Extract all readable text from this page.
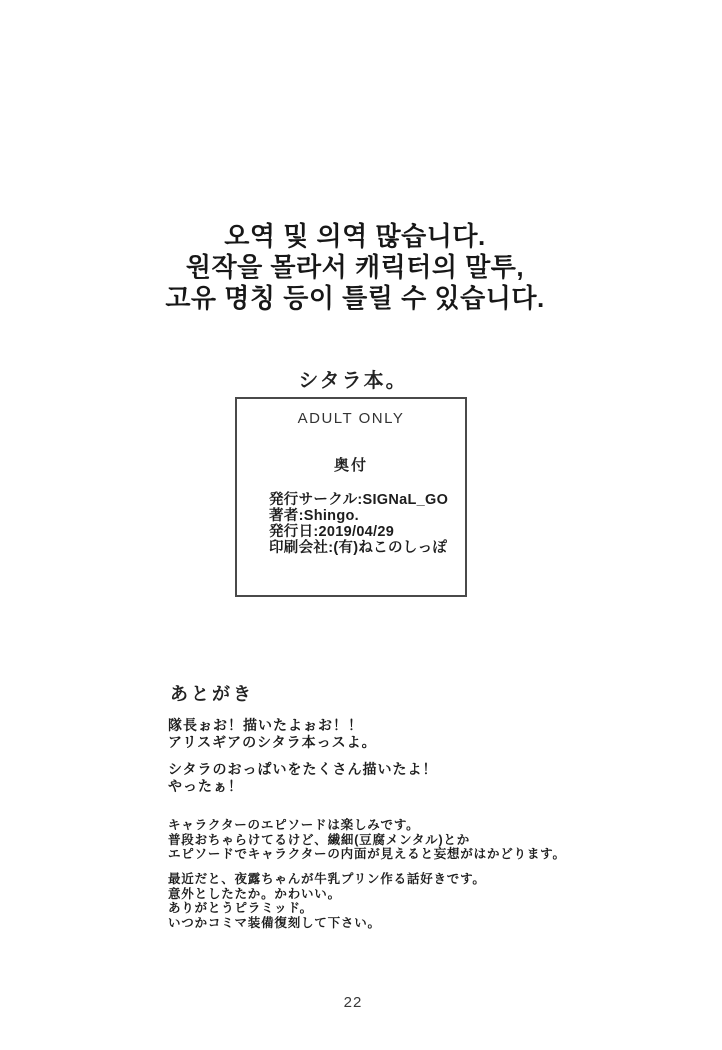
오역 및 의역 많습니다.
원작을 몰라서 캐릭터의 말투,
고유 명칭 등이 틀릴 수 있습니다.
シタラ本。
ADULT ONLY
奥付
発行サークル:SIGNaL_GO
著者:Shingo.
発行日:2019/04/29
印刷会社:(有)ねこのしっぽ
あとがき
隊長ぉお！描いたよぉお！！
アリスギアのシタラ本っスよ。
シタラのおっぱいをたくさん描いたよ！
やったぁ！
キャラクターのエピソードは楽しみです。
普段おちゃらけてるけど、繊細(豆腐メンタル)とか
エピソードでキャラクターの内面が見えると妄想がはかどります。
最近だと、夜露ちゃんが牛乳プリン作る話好きです。
意外としたたか。かわいい。
ありがとうピラミッド。
いつかコミマ装備復刻して下さい。
22
